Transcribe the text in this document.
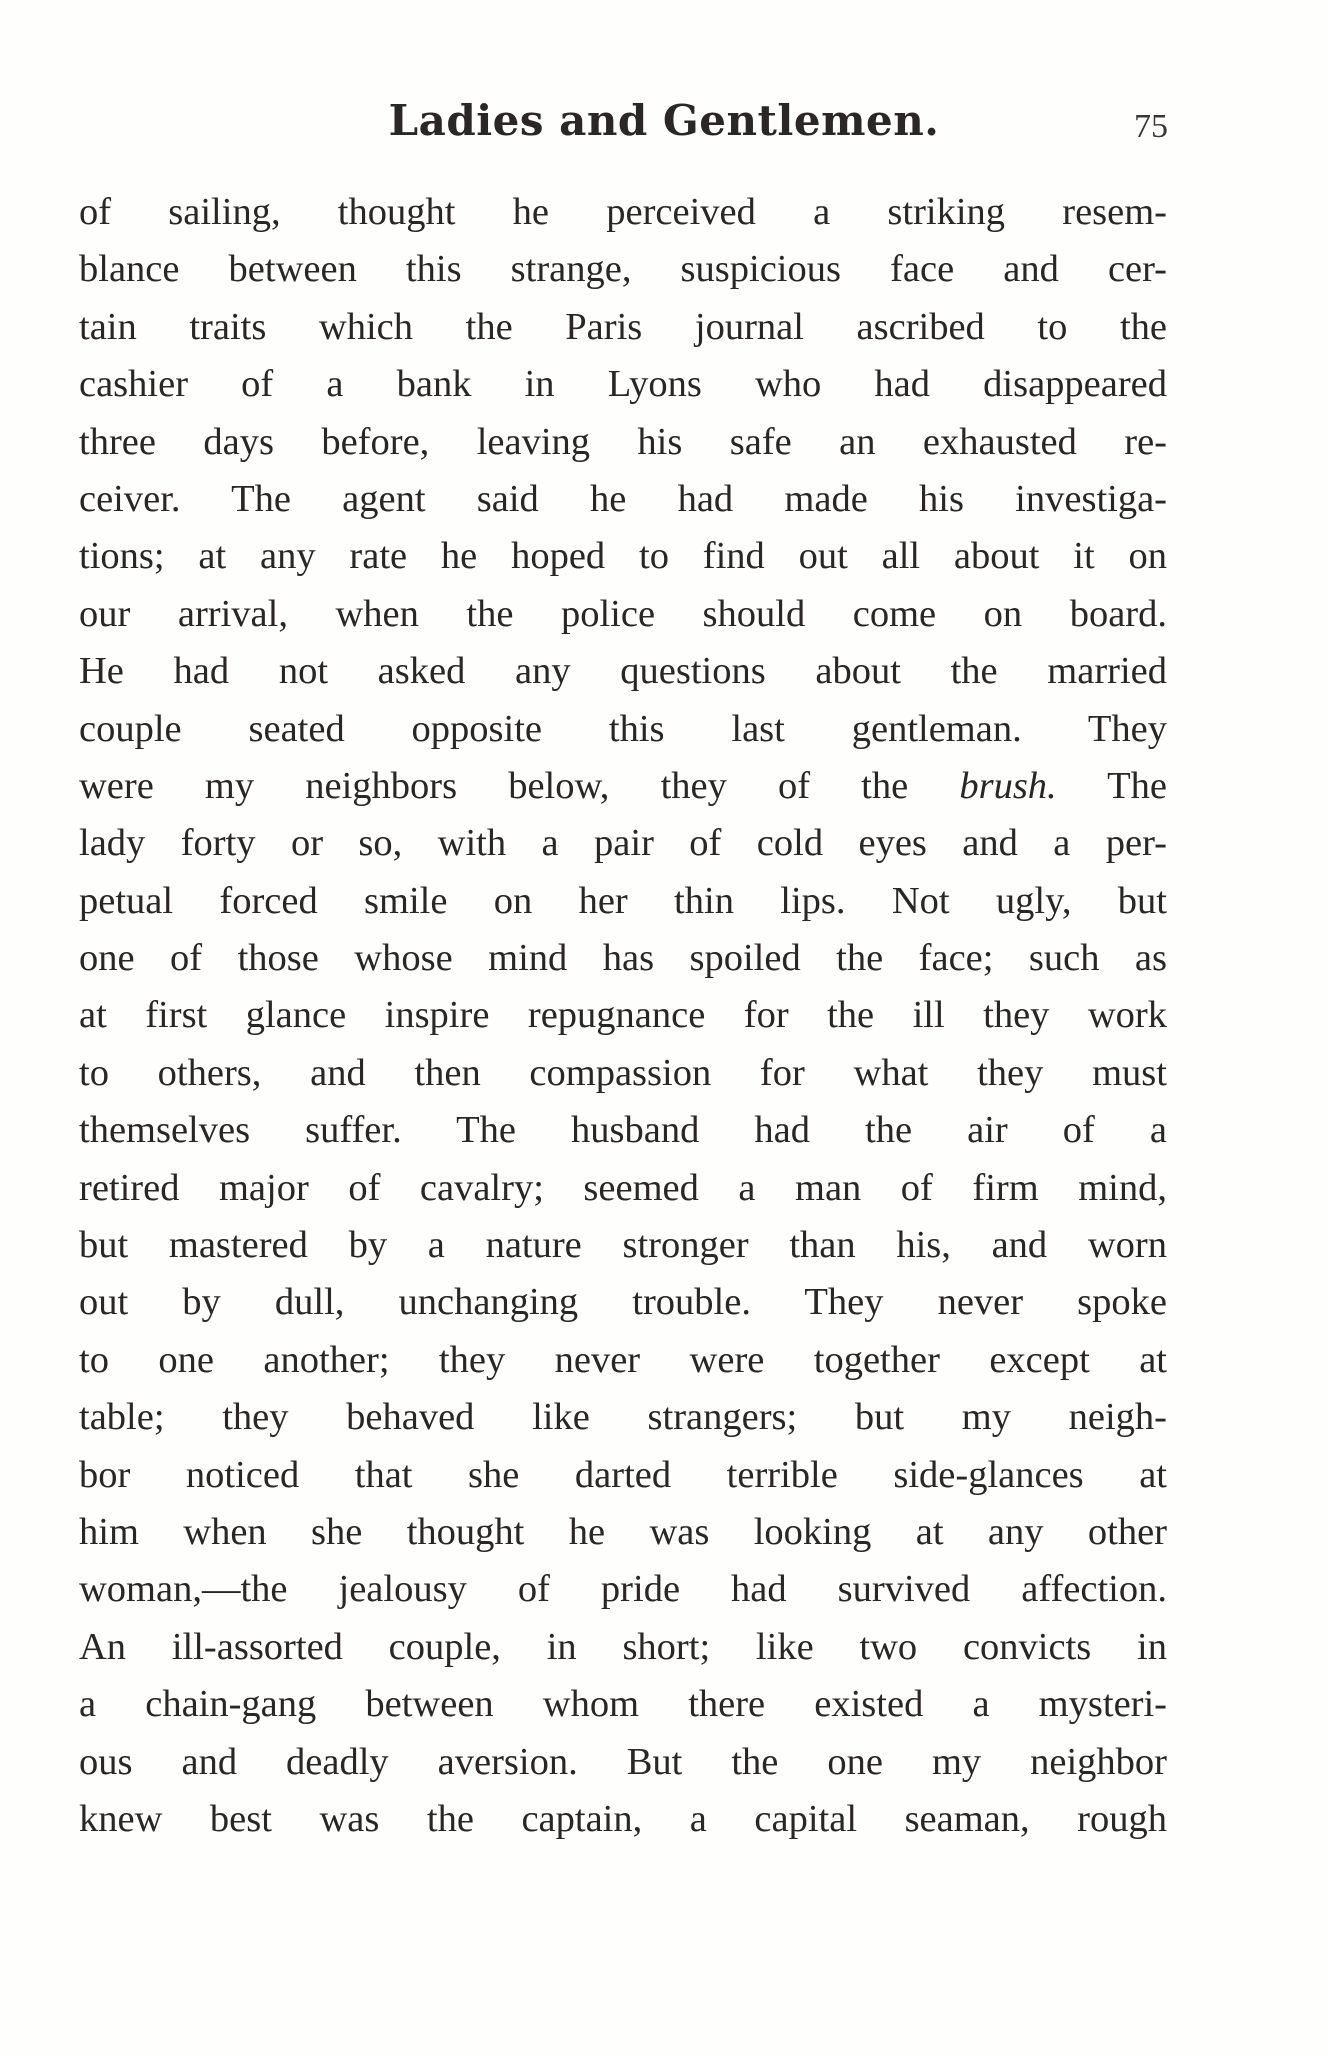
Ladies and Gentlemen.	75
of sailing, thought he perceived a striking resem-
blance between this strange, suspicious face and cer-
tain traits which the Paris journal ascribed to the
cashier of a bank in Lyons who had disappeared
three days before, leaving his safe an exhausted re-
ceiver. The agent said he had made his investiga-
tions; at any rate he hoped to find out all about it on
our arrival, when the police should come on board.
He had not asked any questions about the married
couple seated opposite this last gentleman. They
were my neighbors below, they of the brush. The
lady forty or so, with a pair of cold eyes and a per-
petual forced smile on her thin lips. Not ugly, but
one of those whose mind has spoiled the face; such as
at first glance inspire repugnance for the ill they work
to others, and then compassion for what they must
themselves suffer. The husband had the air of a
retired major of cavalry; seemed a man of firm mind,
but mastered by a nature stronger than his, and worn
out by dull, unchanging trouble. They never spoke
to one another; they never were together except at
table; they behaved like strangers; but my neigh-
bor noticed that she darted terrible side-glances at
him when she thought he was looking at any other
woman,—the jealousy of pride had survived affection.
An ill-assorted couple, in short; like two convicts in
a chain-gang between whom there existed a mysteri-
ous and deadly aversion. But the one my neighbor
knew best was the captain, a capital seaman, rough
